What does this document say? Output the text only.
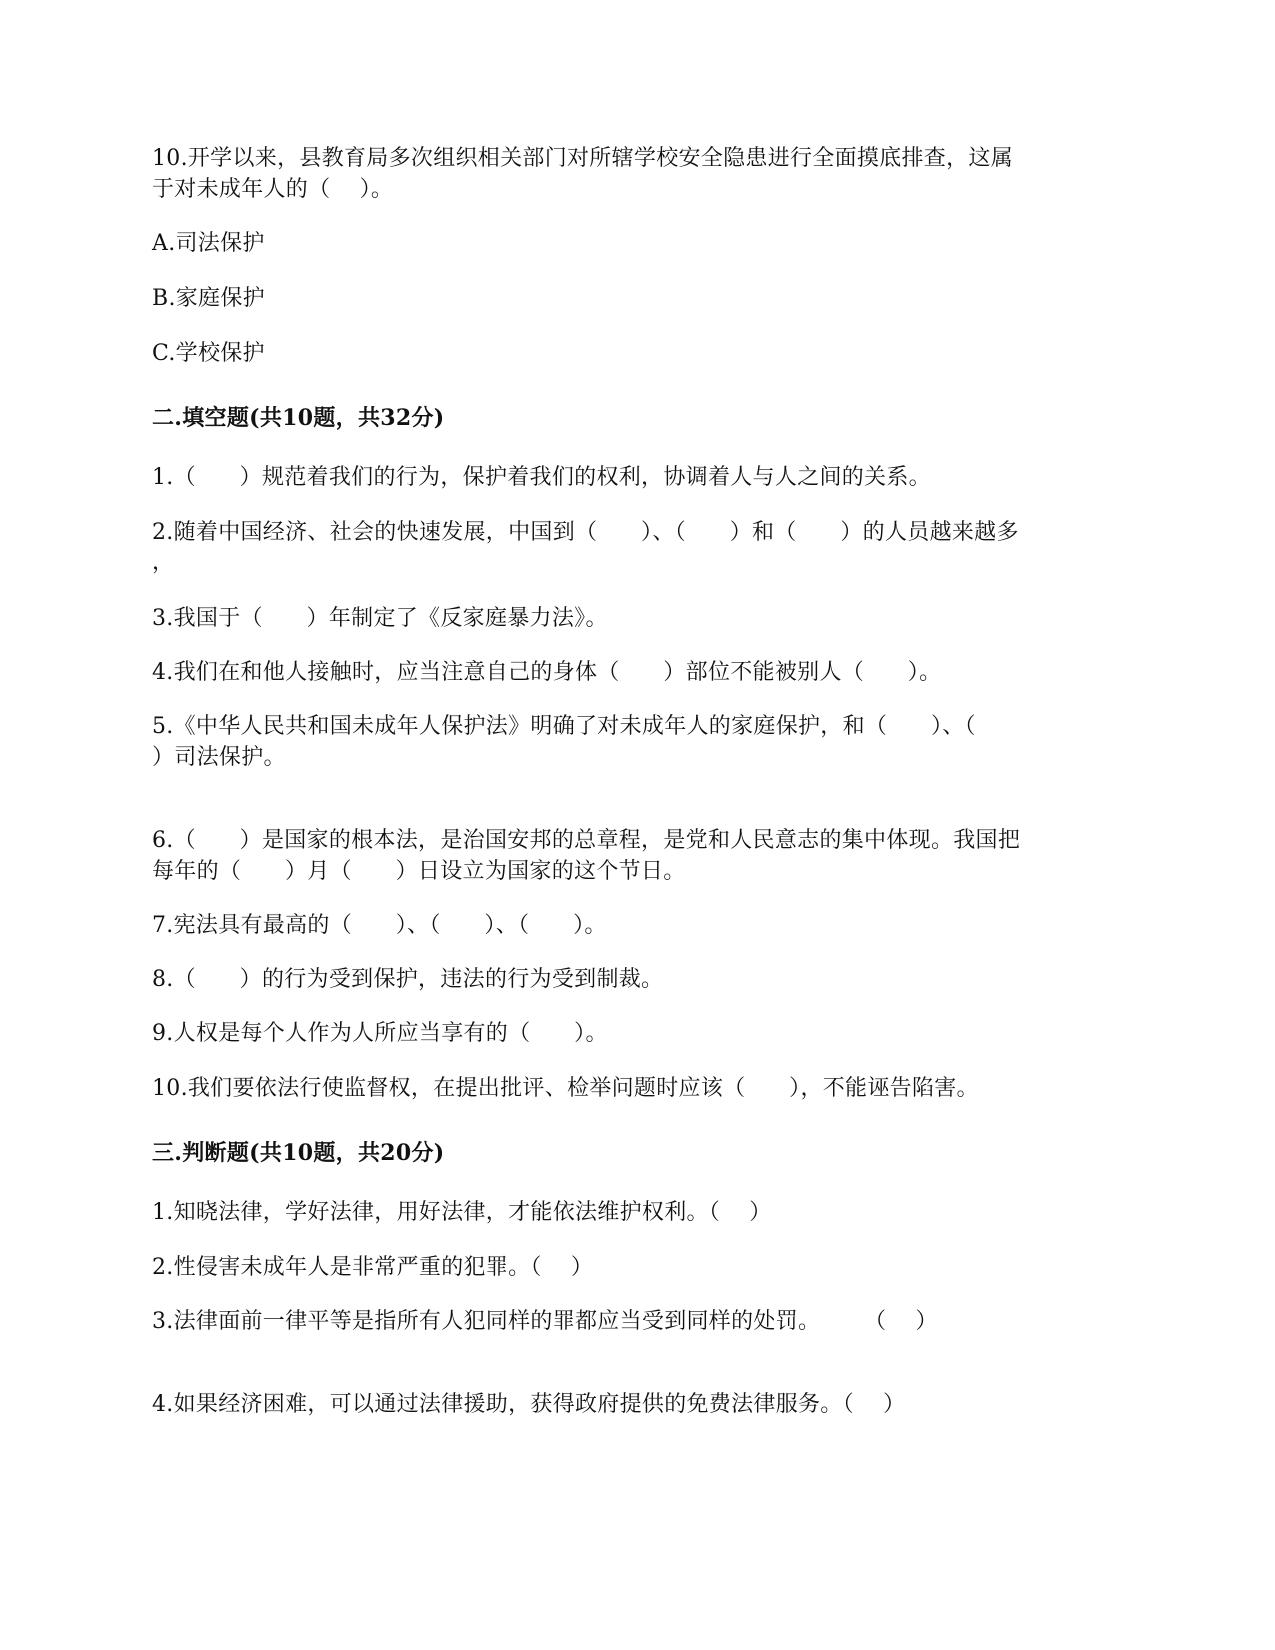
10.开学以来，县教育局多次组织相关部门对所辖学校安全隐患进行全面摸底排查，这属
于对未成年人的（    ）。
A.司法保护
B.家庭保护
C.学校保护
二.填空题(共10题，共32分)
1.（      ）规范着我们的行为，保护着我们的权利，协调着人与人之间的关系。
2.随着中国经济、社会的快速发展，中国到（      ）、（      ）和（      ）的人员越来越多
，
3.我国于（      ）年制定了《反家庭暴力法》。
4.我们在和他人接触时，应当注意自己的身体（      ）部位不能被别人（      ）。
5.《中华人民共和国未成年人保护法》明确了对未成年人的家庭保护，和（      ）、（
）司法保护。
6.（      ）是国家的根本法，是治国安邦的总章程，是党和人民意志的集中体现。我国把
每年的（      ）月（      ）日设立为国家的这个节日。
7.宪法具有最高的（      ）、（      ）、（      ）。
8.（      ）的行为受到保护，违法的行为受到制裁。
9.人权是每个人作为人所应当享有的（      ）。
10.我们要依法行使监督权，在提出批评、检举问题时应该（      ），不能诬告陷害。
三.判断题(共10题，共20分)
1.知晓法律，学好法律，用好法律，才能依法维护权利。（    ）
2.性侵害未成年人是非常严重的犯罪。（    ）
3.法律面前一律平等是指所有人犯同样的罪都应当受到同样的处罚。      （    ）
4.如果经济困难，可以通过法律援助，获得政府提供的免费法律服务。（    ）
